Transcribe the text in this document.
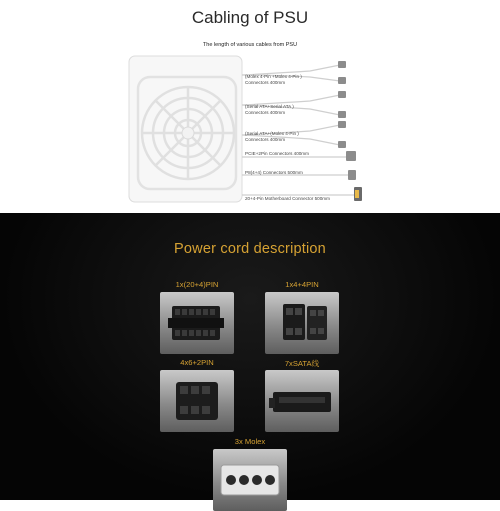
Cabling of PSU
The length of various cables from PSU
(Molex 4-Pin +Molex 4-Pin )
Connectors 400mm
(Serial ATA+Serial ATA )
Connectors 400mm
(Serial ATA+(Molex 4-Pin )
Connectors 400mm
PCIE+2Pin Connectors 400mm
P8(4+4) Connectors 500mm
20+4-Pin Motherboard Connector 500mm
Power cord description
1x(20+4)PIN	1x4+4PIN
4x6+2PIN	7xSATA线
3x Molex
